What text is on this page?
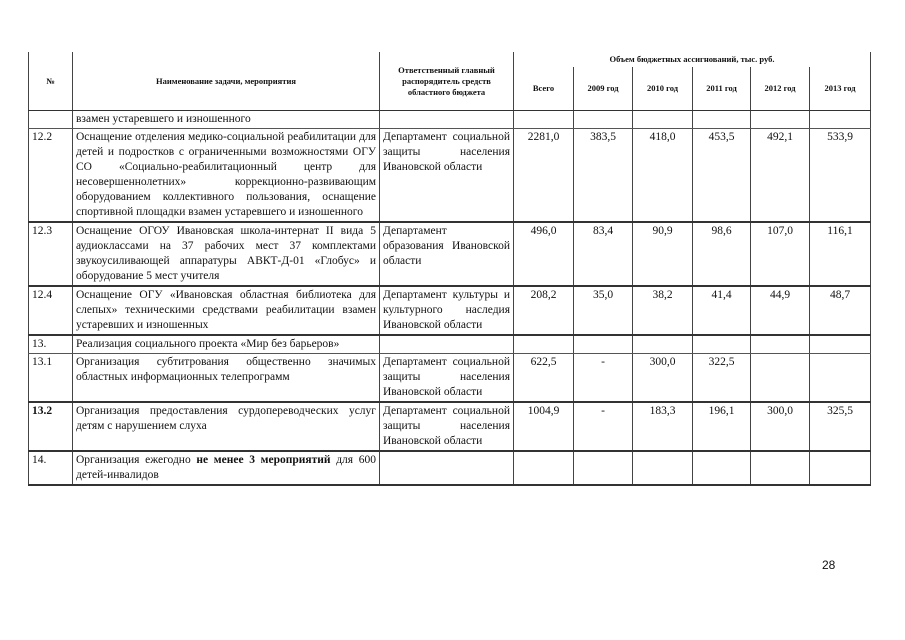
№	Наименование задачи, мероприятия	Ответственный главный распорядитель средств областного бюджета	Объем бюджетных ассигнований, тыс. руб.					
			Всего	2009 год	2010 год	2011 год	2012 год	2013 год
	взамен устаревшего и изношенного							
12.2	Оснащение отделения медико-социальной реабилитации для детей и подростков с ограниченными возможностями ОГУ СО «Социально-реабилитационный центр для несовершеннолетних» коррекционно-развивающим оборудованием коллективного пользования, оснащение спортивной площадки взамен устаревшего и изношенного	Департамент социальной защиты населения Ивановской области	2281,0	383,5	418,0	453,5	492,1	533,9
12.3	Оснащение ОГОУ Ивановская школа-интернат II вида 5 аудиоклассами на 37 рабочих мест 37 комплектами звукоусиливающей аппаратуры АВКТ-Д-01 «Глобус» и оборудование 5 мест учителя	Департамент образования Ивановской области	496,0	83,4	90,9	98,6	107,0	116,1
12.4	Оснащение ОГУ «Ивановская областная библиотека для слепых» техническими средствами реабилитации взамен устаревших и изношенных	Департамент культуры и культурного наследия Ивановской области	208,2	35,0	38,2	41,4	44,9	48,7
13.	Реализация социального проекта «Мир без барьеров»							
13.1	Организация субтитрования общественно значимых областных информационных телепрограмм	Департамент социальной защиты населения Ивановской области	622,5	-	300,0	322,5		
13.2	Организация предоставления сурдопереводческих услуг детям с нарушением слуха	Департамент социальной защиты населения Ивановской области	1004,9	-	183,3	196,1	300,0	325,5
14.	Организация ежегодно не менее 3 мероприятий для 600 детей-инвалидов							
28
